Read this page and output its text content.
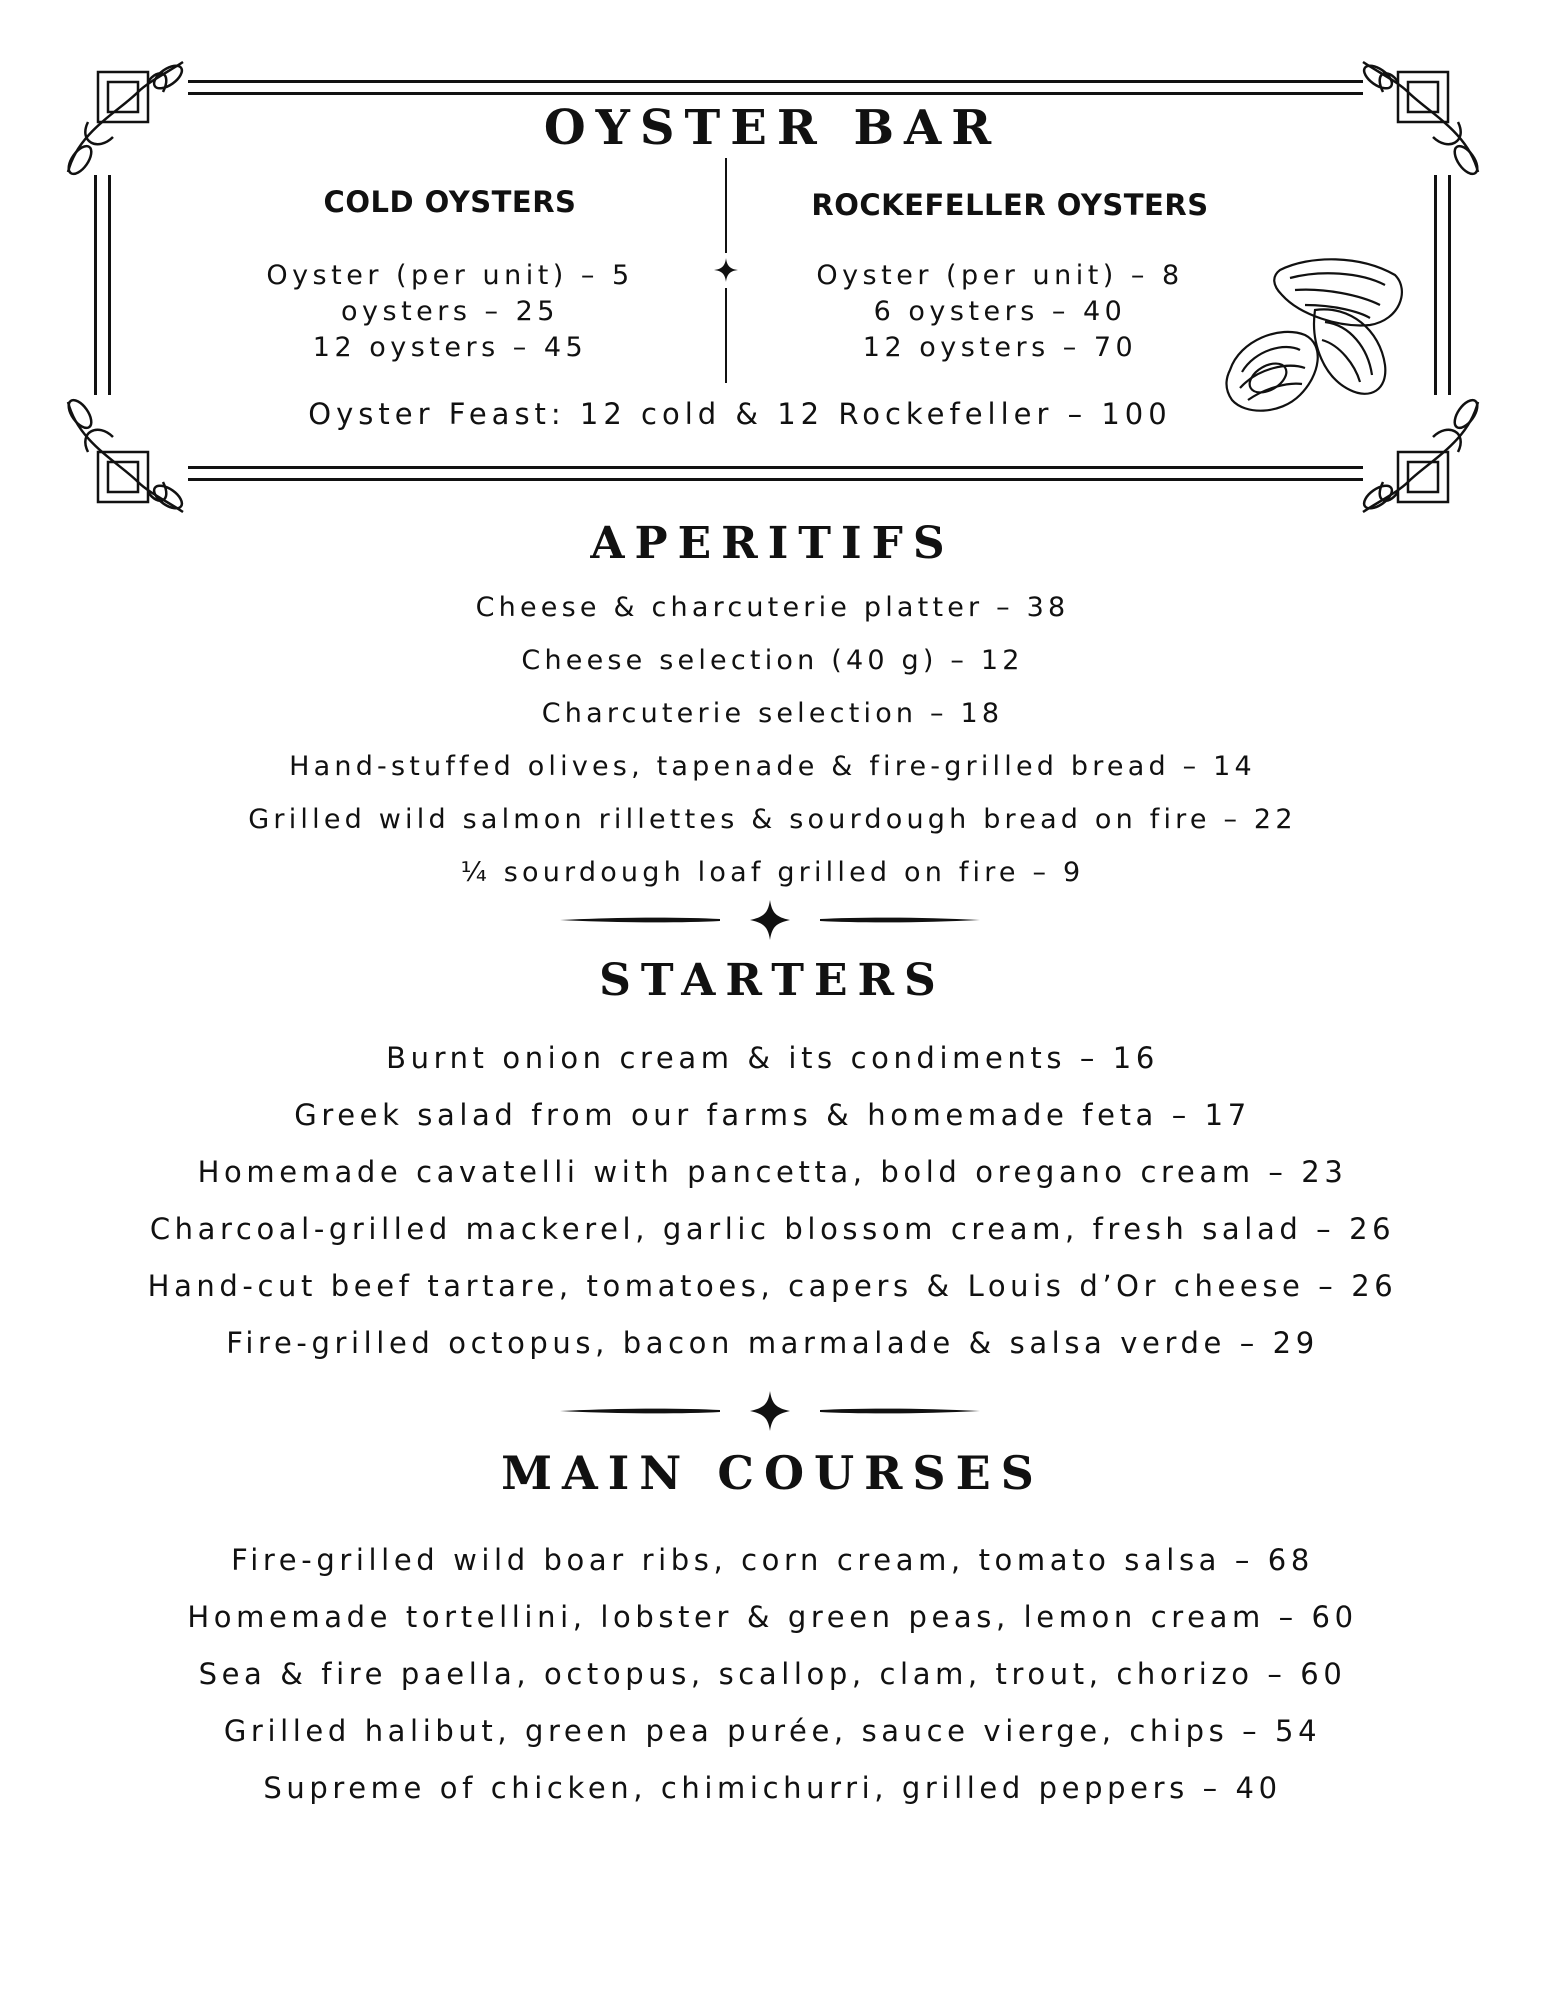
OYSTER BAR
COLD OYSTERS	ROCKEFELLER OYSTERS
Oyster (per unit) – 5
oysters – 25
12 oysters – 45
Oyster (per unit) – 8
6 oysters – 40
12 oysters – 70
Oyster Feast: 12 cold & 12 Rockefeller – 100
APERITIFS
Cheese & charcuterie platter – 38
Cheese selection (40 g) – 12
Charcuterie selection – 18
Hand-stuffed olives, tapenade & fire-grilled bread – 14
Grilled wild salmon rillettes & sourdough bread on fire – 22
¼ sourdough loaf grilled on fire – 9
STARTERS
Burnt onion cream & its condiments – 16
Greek salad from our farms & homemade feta – 17
Homemade cavatelli with pancetta, bold oregano cream – 23
Charcoal-grilled mackerel, garlic blossom cream, fresh salad – 26
Hand-cut beef tartare, tomatoes, capers & Louis d’Or cheese – 26
Fire-grilled octopus, bacon marmalade & salsa verde – 29
MAIN COURSES
Fire-grilled wild boar ribs, corn cream, tomato salsa – 68
Homemade tortellini, lobster & green peas, lemon cream – 60
Sea & fire paella, octopus, scallop, clam, trout, chorizo – 60
Grilled halibut, green pea purée, sauce vierge, chips – 54
Supreme of chicken, chimichurri, grilled peppers – 40
